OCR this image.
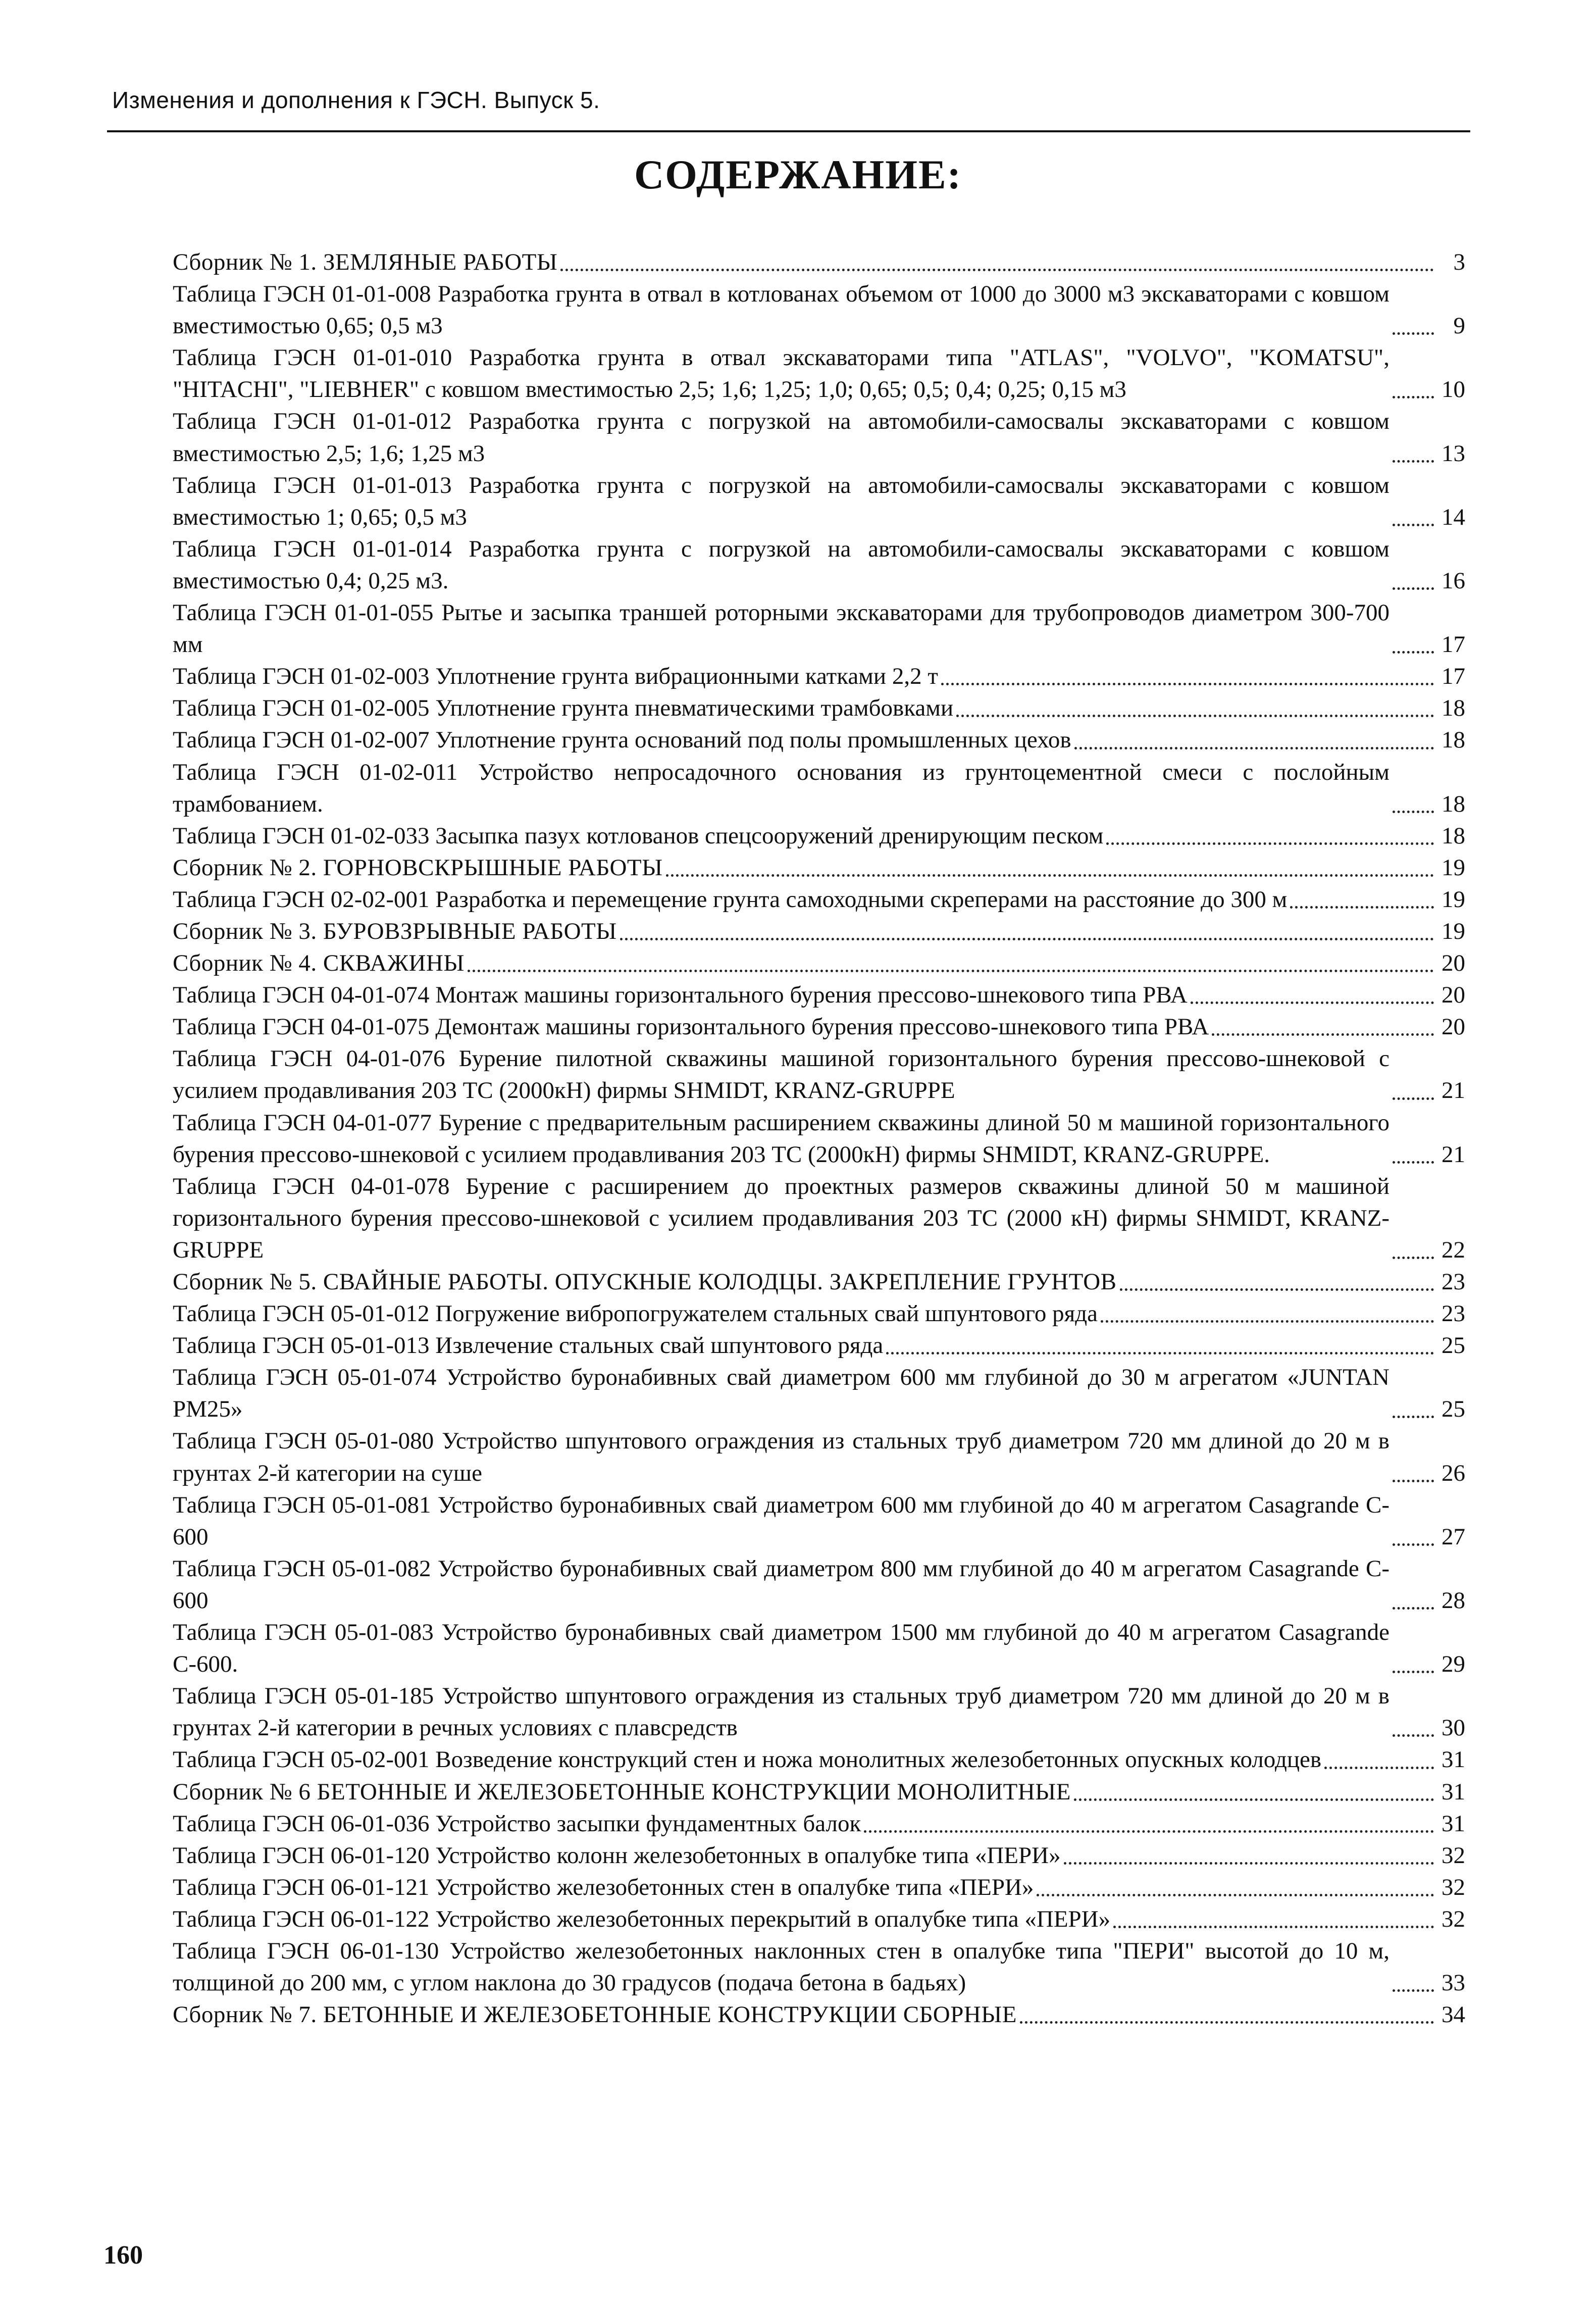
Изменения и дополнения к ГЭСН. Выпуск 5.
СОДЕРЖАНИЕ:
Сборник № 1. ЗЕМЛЯНЫЕ РАБОТЫ	3
Таблица ГЭСН 01-01-008 Разработка грунта в отвал в котлованах объемом от 1000 до 3000 м3 экскаваторами с ковшом вместимостью 0,65; 0,5 м3	9
Таблица ГЭСН 01-01-010 Разработка грунта в отвал экскаваторами типа "ATLAS", "VOLVO", "KOMATSU", "HITACHI", "LIEBHER" с ковшом вместимостью 2,5; 1,6; 1,25; 1,0; 0,65; 0,5; 0,4; 0,25; 0,15 м3	10
Таблица ГЭСН 01-01-012 Разработка грунта с погрузкой на автомобили-самосвалы экскаваторами с ковшом вместимостью 2,5; 1,6; 1,25 м3	13
Таблица ГЭСН 01-01-013 Разработка грунта с погрузкой на автомобили-самосвалы экскаваторами с ковшом вместимостью 1; 0,65; 0,5 м3	14
Таблица ГЭСН 01-01-014 Разработка грунта с погрузкой на автомобили-самосвалы экскаваторами с ковшом вместимостью 0,4; 0,25 м3.	16
Таблица ГЭСН 01-01-055 Рытье и засыпка траншей роторными экскаваторами для трубопроводов диаметром 300-700 мм	17
Таблица ГЭСН 01-02-003 Уплотнение грунта вибрационными катками 2,2 т	17
Таблица ГЭСН 01-02-005 Уплотнение грунта пневматическими трамбовками	18
Таблица ГЭСН 01-02-007 Уплотнение грунта оснований под полы промышленных цехов	18
Таблица ГЭСН 01-02-011 Устройство непросадочного основания из грунтоцементной смеси с послойным трамбованием.	18
Таблица ГЭСН 01-02-033 Засыпка пазух котлованов спецсооружений дренирующим песком	18
Сборник № 2. ГОРНОВСКРЫШНЫЕ РАБОТЫ	19
Таблица ГЭСН 02-02-001 Разработка и перемещение грунта самоходными скреперами на расстояние до 300 м	19
Сборник № 3. БУРОВЗРЫВНЫЕ РАБОТЫ	19
Сборник № 4. СКВАЖИНЫ	20
Таблица ГЭСН 04-01-074 Монтаж машины горизонтального бурения прессово-шнекового типа РВА	20
Таблица ГЭСН 04-01-075 Демонтаж машины горизонтального бурения прессово-шнекового типа РВА	20
Таблица ГЭСН 04-01-076 Бурение пилотной скважины машиной горизонтального бурения прессово-шнековой с усилием продавливания 203 ТС (2000кН) фирмы SHMIDT, KRANZ-GRUPPE	21
Таблица ГЭСН 04-01-077 Бурение с предварительным расширением скважины длиной 50 м машиной горизонтального бурения прессово-шнековой с усилием продавливания 203 ТС (2000кН) фирмы SHMIDT, KRANZ-GRUPPE.	21
Таблица ГЭСН 04-01-078 Бурение с расширением до проектных размеров скважины длиной 50 м машиной горизонтального бурения прессово-шнековой с усилием продавливания 203 ТС (2000 кН) фирмы SHMIDT, KRANZ-GRUPPE	22
Сборник № 5. СВАЙНЫЕ РАБОТЫ. ОПУСКНЫЕ КОЛОДЦЫ. ЗАКРЕПЛЕНИЕ ГРУНТОВ	23
Таблица ГЭСН 05-01-012 Погружение вибропогружателем стальных свай шпунтового ряда	23
Таблица ГЭСН 05-01-013 Извлечение стальных свай шпунтового ряда	25
Таблица ГЭСН 05-01-074 Устройство буронабивных свай диаметром 600 мм глубиной до 30 м агрегатом «JUNTAN PM25»	25
Таблица ГЭСН 05-01-080 Устройство шпунтового ограждения из стальных труб диаметром 720 мм длиной до 20 м в грунтах 2-й категории на суше	26
Таблица ГЭСН 05-01-081 Устройство буронабивных свай диаметром 600 мм глубиной до 40 м агрегатом Casagrande C-600	27
Таблица ГЭСН 05-01-082 Устройство буронабивных свай диаметром 800 мм глубиной до 40 м агрегатом Casagrande C-600	28
Таблица ГЭСН 05-01-083 Устройство буронабивных свай диаметром 1500 мм глубиной до 40 м агрегатом Casagrande C-600.	29
Таблица ГЭСН 05-01-185 Устройство шпунтового ограждения из стальных труб диаметром 720 мм длиной до 20 м в грунтах 2-й категории в речных условиях с плавсредств	30
Таблица ГЭСН 05-02-001 Возведение конструкций стен и ножа монолитных железобетонных опускных колодцев	31
Сборник № 6 БЕТОННЫЕ И ЖЕЛЕЗОБЕТОННЫЕ КОНСТРУКЦИИ МОНОЛИТНЫЕ	31
Таблица ГЭСН 06-01-036 Устройство засыпки фундаментных балок	31
Таблица ГЭСН 06-01-120 Устройство колонн железобетонных в опалубке типа «ПЕРИ»	32
Таблица ГЭСН 06-01-121 Устройство железобетонных стен в опалубке типа «ПЕРИ»	32
Таблица ГЭСН 06-01-122 Устройство железобетонных перекрытий в опалубке типа «ПЕРИ»	32
Таблица ГЭСН 06-01-130 Устройство железобетонных наклонных стен в опалубке типа "ПЕРИ" высотой до 10 м, толщиной до 200 мм, с углом наклона до 30 градусов (подача бетона в бадьях)	33
Сборник № 7. БЕТОННЫЕ И ЖЕЛЕЗОБЕТОННЫЕ КОНСТРУКЦИИ СБОРНЫЕ	34
160
